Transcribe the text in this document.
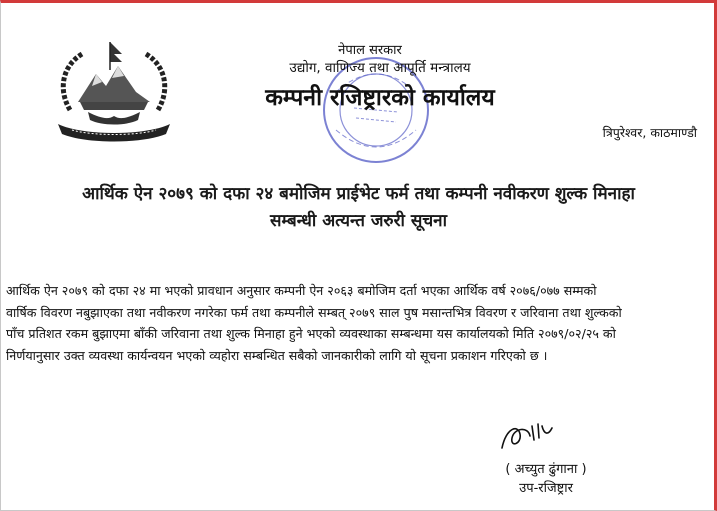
नेपाल सरकार
उद्योग, वाणिज्य तथा आपूर्ति मन्त्रालय
कम्पनी रजिष्ट्रारको कार्यालय
त्रिपुरेश्वर, काठमाण्डौ
आर्थिक ऐन २०७९ को दफा २४ बमोजिम प्राईभेट फर्म तथा कम्पनी नवीकरण शुल्क मिनाहा
सम्बन्धी अत्यन्त जरुरी सूचना
आर्थिक ऐन २०७९ को दफा २४ मा भएको प्रावधान अनुसार कम्पनी ऐन २०६३ बमोजिम दर्ता भएका आर्थिक वर्ष २०७६/०७७ सम्मको
वार्षिक विवरण नबुझाएका तथा नवीकरण नगरेका फर्म तथा कम्पनीले सम्बत् २०७९ साल पुष मसान्तभित्र विवरण र जरिवाना तथा शुल्कको
पाँच प्रतिशत रकम बुझाएमा बाँकी जरिवाना तथा शुल्क मिनाहा हुने भएको व्यवस्थाका सम्बन्धमा यस कार्यालयको मिति २०७९/०२/२५ को
निर्णयानुसार उक्त व्यवस्था कार्यन्वयन भएको व्यहोरा सम्बन्धित सबैको जानकारीको लागि यो सूचना प्रकाशन गरिएको छ ।
( अच्युत ढुंगाना )
उप-रजिष्ट्रार
